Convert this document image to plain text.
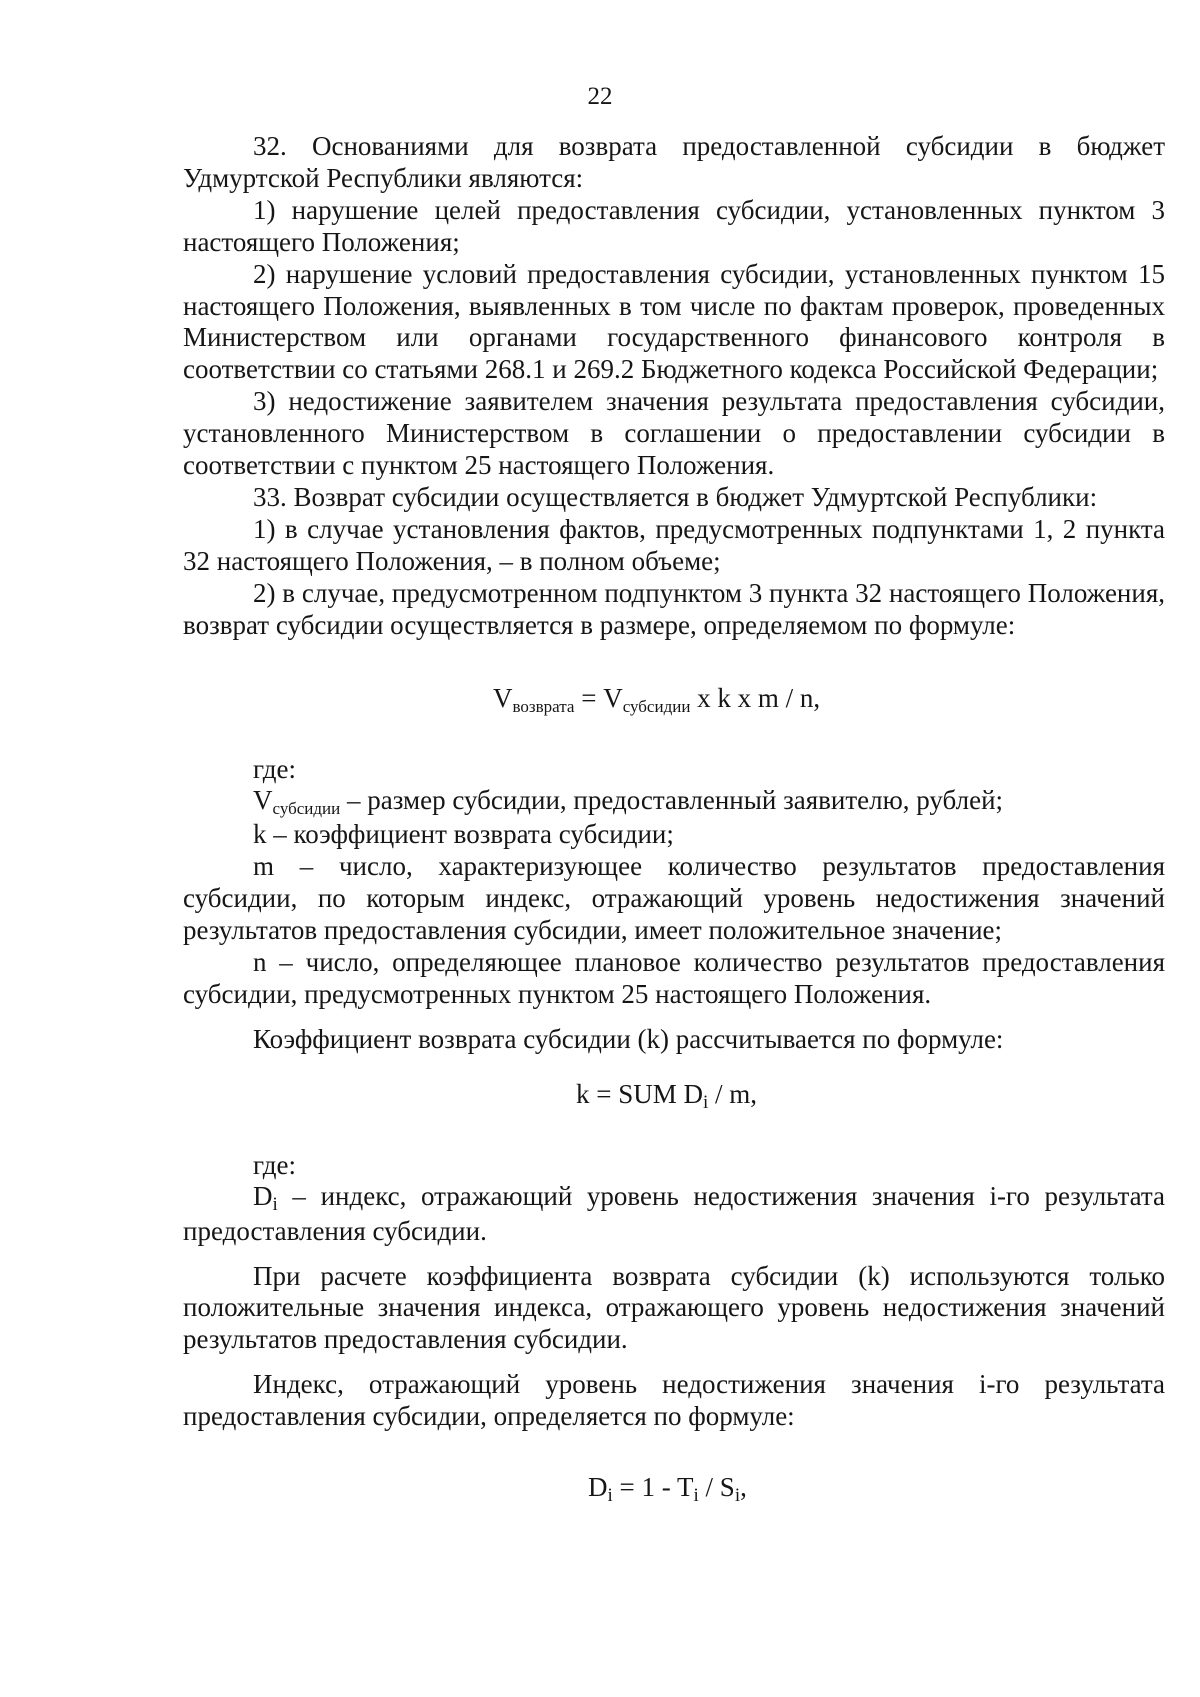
22

32. Основаниями для возврата предоставленной субсидии в бюджет Удмуртской Республики являются:

1) нарушение целей предоставления субсидии, установленных пунктом 3 настоящего Положения;

2) нарушение условий предоставления субсидии, установленных пунктом 15 настоящего Положения, выявленных в том числе по фактам проверок, проведенных Министерством или органами государственного финансового контроля в соответствии со статьями 268.1 и 269.2 Бюджетного кодекса Российской Федерации;

3) недостижение заявителем значения результата предоставления субсидии, установленного Министерством в соглашении о предоставлении субсидии в соответствии с пунктом 25 настоящего Положения.

33. Возврат субсидии осуществляется в бюджет Удмуртской Республики:

1) в случае установления фактов, предусмотренных подпунктами 1, 2 пункта 32 настоящего Положения, – в полном объеме;

2) в случае, предусмотренном подпунктом 3 пункта 32 настоящего Положения, возврат субсидии осуществляется в размере, определяемом по формуле:

Vвозврата = Vсубсидии x k x m / n,
где:

Vсубсидии – размер субсидии, предоставленный заявителю, рублей;

k – коэффициент возврата субсидии;

m – число, характеризующее количество результатов предоставления субсидии, по которым индекс, отражающий уровень недостижения значений результатов предоставления субсидии, имеет положительное значение;

n – число, определяющее плановое количество результатов предоставления субсидии, предусмотренных пунктом 25 настоящего Положения.

Коэффициент возврата субсидии (k) рассчитывается по формуле:

k = SUM Di / m,
где:

Di – индекс, отражающий уровень недостижения значения i-го результата предоставления субсидии.

При расчете коэффициента возврата субсидии (k) используются только положительные значения индекса, отражающего уровень недостижения значений результатов предоставления субсидии.

Индекс, отражающий уровень недостижения значения i-го результата предоставления субсидии, определяется по формуле:

Di = 1 - Ti / Si,
